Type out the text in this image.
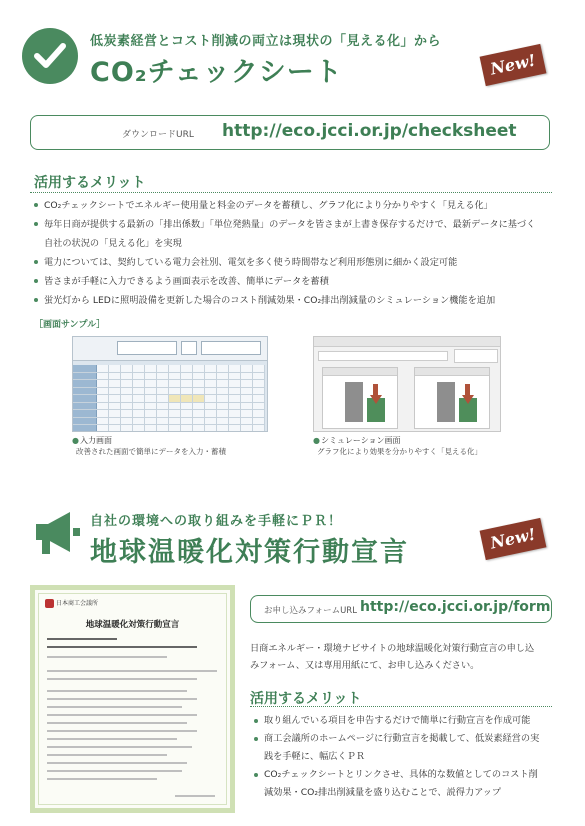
低炭素経営とコスト削減の両立は現状の「見える化」から
CO₂チェックシート	New!
ダウンロードURL http://eco.jcci.or.jp/checksheet
活用するメリット
CO₂チェックシートでエネルギー使用量と料金のデータを蓄積し、グラフ化により分かりやすく「見える化」
毎年日商が提供する最新の「排出係数」「単位発熱量」のデータを皆さまが上書き保存するだけで、最新データに基づく
自社の状況の「見える化」を実現
電力については、契約している電力会社別、電気を多く使う時間帯など利用形態別に細かく設定可能
皆さまが手軽に入力できるよう画面表示を改善、簡単にデータを蓄積
蛍光灯から LEDに照明設備を更新した場合のコスト削減効果・CO₂排出削減量のシミュレーション機能を追加
［画面サンプル］
● 入力画面
改善された画面で簡単にデータを入力・蓄積
● シミュレーション画面
グラフ化により効果を分かりやすく「見える化」
自社の環境への取り組みを手軽にＰＲ！
地球温暖化対策行動宣言	New!
日本商工会議所
地球温暖化対策行動宣言
お申し込みフォームURL http://eco.jcci.or.jp/form
日商エネルギー・環境ナビサイトの地球温暖化対策行動宣言の申し込
みフォーム、又は専用用紙にて、お申し込みください。
活用するメリット
取り組んでいる項目を申告するだけで簡単に行動宣言を作成可能
商工会議所のホームページに行動宣言を掲載して、低炭素経営の実
践を手軽に、幅広くＰＲ
CO₂チェックシートとリンクさせ、具体的な数値としてのコスト削
減効果・CO₂排出削減量を盛り込むことで、説得力アップ
